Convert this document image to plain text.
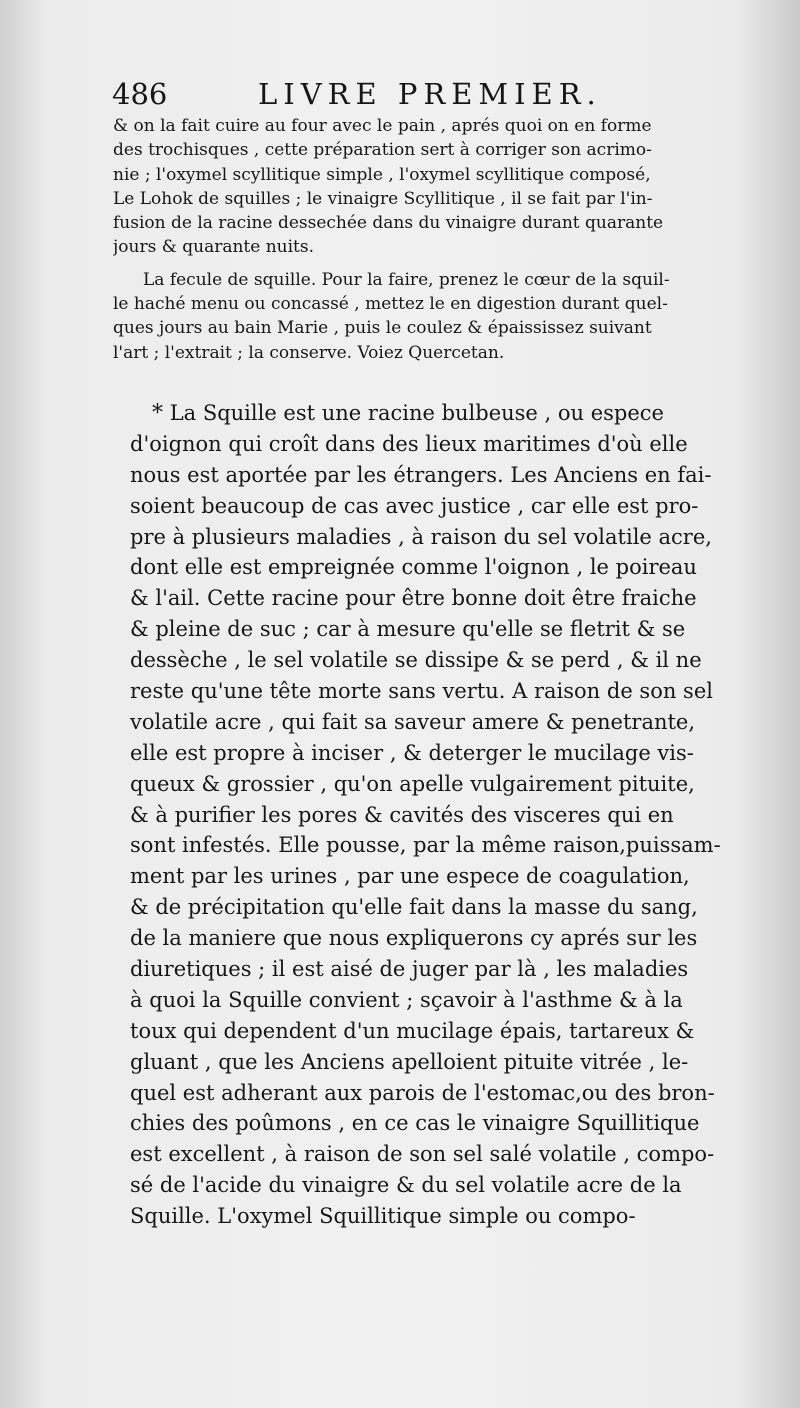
486	LIVRE PREMIER.
& on la fait cuire au four avec le pain , aprés quoi on en forme
des trochisques , cette préparation sert à corriger son acrimo-
nie ; l'oxymel scyllitique simple , l'oxymel scyllitique composé,
Le Lohok de squilles ; le vinaigre Scyllitique , il se fait par l'in-
fusion de la racine dessechée dans du vinaigre durant quarante
jours & quarante nuits.
La fecule de squille. Pour la faire, prenez le cœur de la squil-
le haché menu ou concassé , mettez le en digestion durant quel-
ques jours au bain Marie , puis le coulez & épaississez suivant
l'art ; l'extrait ; la conserve. Voiez Quercetan.
* La Squille est une racine bulbeuse , ou espece
d'oignon qui croît dans des lieux maritimes d'où elle
nous est aportée par les étrangers. Les Anciens en fai-
soient beaucoup de cas avec justice , car elle est pro-
pre à plusieurs maladies , à raison du sel volatile acre,
dont elle est empreignée comme l'oignon , le poireau
& l'ail. Cette racine pour être bonne doit être fraiche
& pleine de suc ; car à mesure qu'elle se fletrit & se
dessèche , le sel volatile se dissipe & se perd , & il ne
reste qu'une tête morte sans vertu. A raison de son sel
volatile acre , qui fait sa saveur amere & penetrante,
elle est propre à inciser , & deterger le mucilage vis-
queux & grossier , qu'on apelle vulgairement pituite,
& à purifier les pores & cavités des visceres qui en
sont infestés. Elle pousse, par la même raison,puissam-
ment par les urines , par une espece de coagulation,
& de précipitation qu'elle fait dans la masse du sang,
de la maniere que nous expliquerons cy aprés sur les
diuretiques ; il est aisé de juger par là , les maladies
à quoi la Squille convient ; sçavoir à l'asthme & à la
toux qui dependent d'un mucilage épais, tartareux &
gluant , que les Anciens apelloient pituite vitrée , le-
quel est adherant aux parois de l'estomac,ou des bron-
chies des poûmons , en ce cas le vinaigre Squillitique
est excellent , à raison de son sel salé volatile , compo-
sé de l'acide du vinaigre & du sel volatile acre de la
Squille. L'oxymel Squillitique simple ou compo-
